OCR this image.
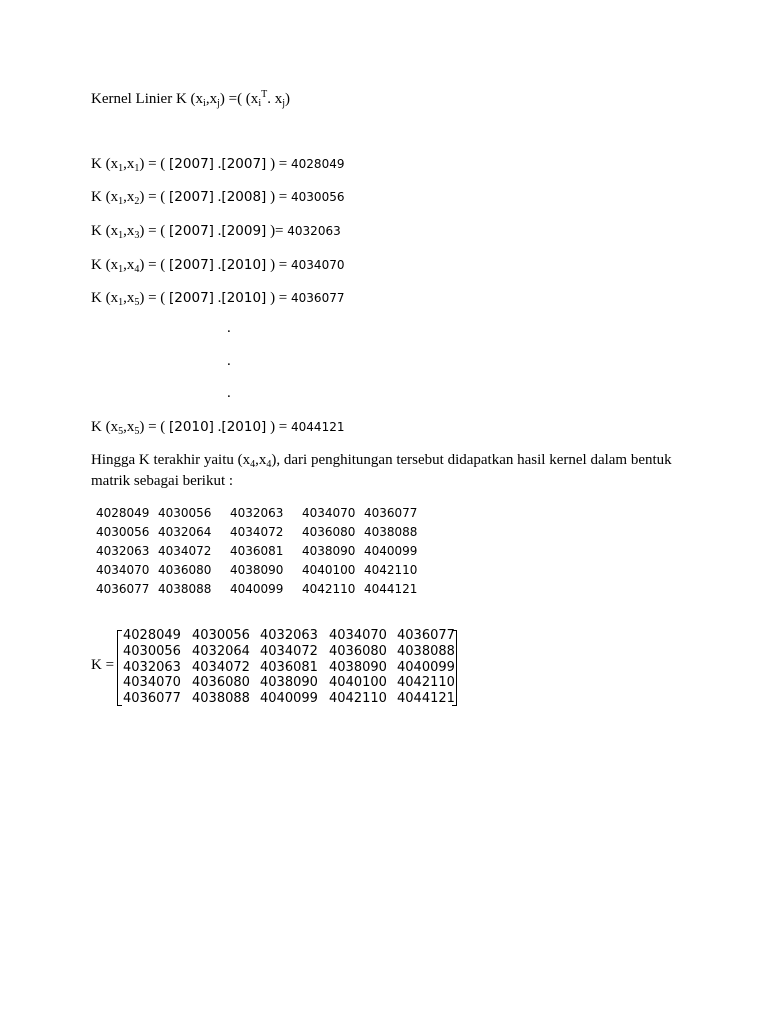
Kernel Linier K $(x_i,x_j)$ =( ($x_i^T$. $x_j$)
K $(x_1,x_1)$ = ( [2007] .[2007] ) = 4028049
K $(x_1,x_2)$ = ( [2007] .[2008] ) = 4030056
K $(x_1,x_3)$ = ( [2007] .[2009] )= 4032063
K $(x_1,x_4)$ = ( [2007] .[2010] ) = 4034070
K $(x_1,x_5)$ = ( [2007] .[2010] ) = 4036077
.
.
.
K $(x_5,x_5)$ = ( [2010] .[2010] ) = 4044121
Hingga K terakhir yaitu $(x_4,x_4)$, dari penghitungan tersebut didapatkan hasil kernel dalam bentuk
matrik sebagai berikut :
4028049	4030056	4032063	4034070	4036077
4030056	4032064	4034072	4036080	4038088
4032063	4034072	4036081	4038090	4040099
4034070	4036080	4038090	4040100	4042110
4036077	4038088	4040099	4042110	4044121
K =
4028049 4030056 4032063 4034070 4036077
4030056 4032064 4034072 4036080 4038088
4032063 4034072 4036081 4038090 4040099
4034070 4036080 4038090 4040100 4042110
4036077 4038088 4040099 4042110 4044121
